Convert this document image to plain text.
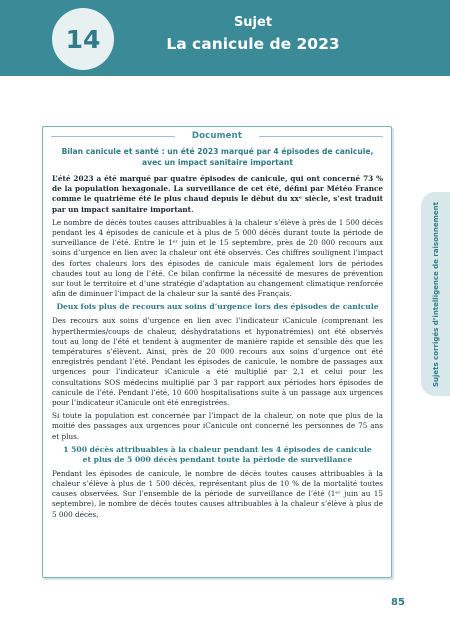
14
Sujet
La canicule de 2023
Document
Bilan canicule et santé : un été 2023 marqué par 4 épisodes de canicule,
avec un impact sanitaire important

L’été 2023 a été marqué par quatre épisodes de canicule, qui ont concerné 73 % de la population hexagonale. La surveillance de cet été, défini par Météo France comme le quatrième été le plus chaud depuis le début du xxᵉ siècle, s’est traduit par un impact sanitaire important.

Le nombre de décès toutes causes attribuables à la chaleur s’élève à près de 1 500 décès pendant les 4 épisodes de canicule et à plus de 5 000 décès durant toute la période de surveillance de l’été. Entre le 1ᵉʳ juin et le 15 septembre, près de 20 000 recours aux soins d’urgence en lien avec la chaleur ont été observés. Ces chiffres soulignent l’impact des fortes chaleurs lors des épisodes de canicule mais également lors de périodes chaudes tout au long de l’été. Ce bilan confirme la nécessité de mesures de prévention sur tout le territoire et d’une stratégie d’adaptation au changement climatique renforcée afin de diminuer l’impact de la chaleur sur la santé des Français.

Deux fois plus de recours aux soins d’urgence lors des épisodes de canicule

Des recours aux soins d’urgence en lien avec l’indicateur iCanicule (comprenant les hyperthermies/coups de chaleur, déshydratations et hyponatrémies) ont été observés tout au long de l’été et tendent à augmenter de manière rapide et sensible dès que les températures s’élèvent. Ainsi, près de 20 000 recours aux soins d’urgence ont été enregistrés pendant l’été. Pendant les épisodes de canicule, le nombre de passages aux urgences pour l’indicateur iCanicule a été multiplié par 2,1 et celui pour les consultations SOS médecins multiplié par 3 par rapport aux périodes hors épisodes de canicule de l’été. Pendant l’été, 10 600 hospitalisations suite à un passage aux urgences pour l’indicateur iCanicule ont été enregistrées.

Si toute la population est concernée par l’impact de la chaleur, on note que plus de la moitié des passages aux urgences pour iCanicule ont concerné les personnes de 75 ans et plus.

1 500 décès attribuables à la chaleur pendant les 4 épisodes de canicule
et plus de 5 000 décès pendant toute la période de surveillance

Pendant les épisodes de canicule, le nombre de décès toutes causes attribuables à la chaleur s’élève à plus de 1 500 décès, représentant plus de 10 % de la mortalité toutes causes observées. Sur l’ensemble de la période de surveillance de l’été (1ᵉʳ juin au 15 septembre), le nombre de décès toutes causes attribuables à la chaleur s’élève à plus de 5 000 décès,

Sujets corrigés d’intelligence de raisonnement
85
